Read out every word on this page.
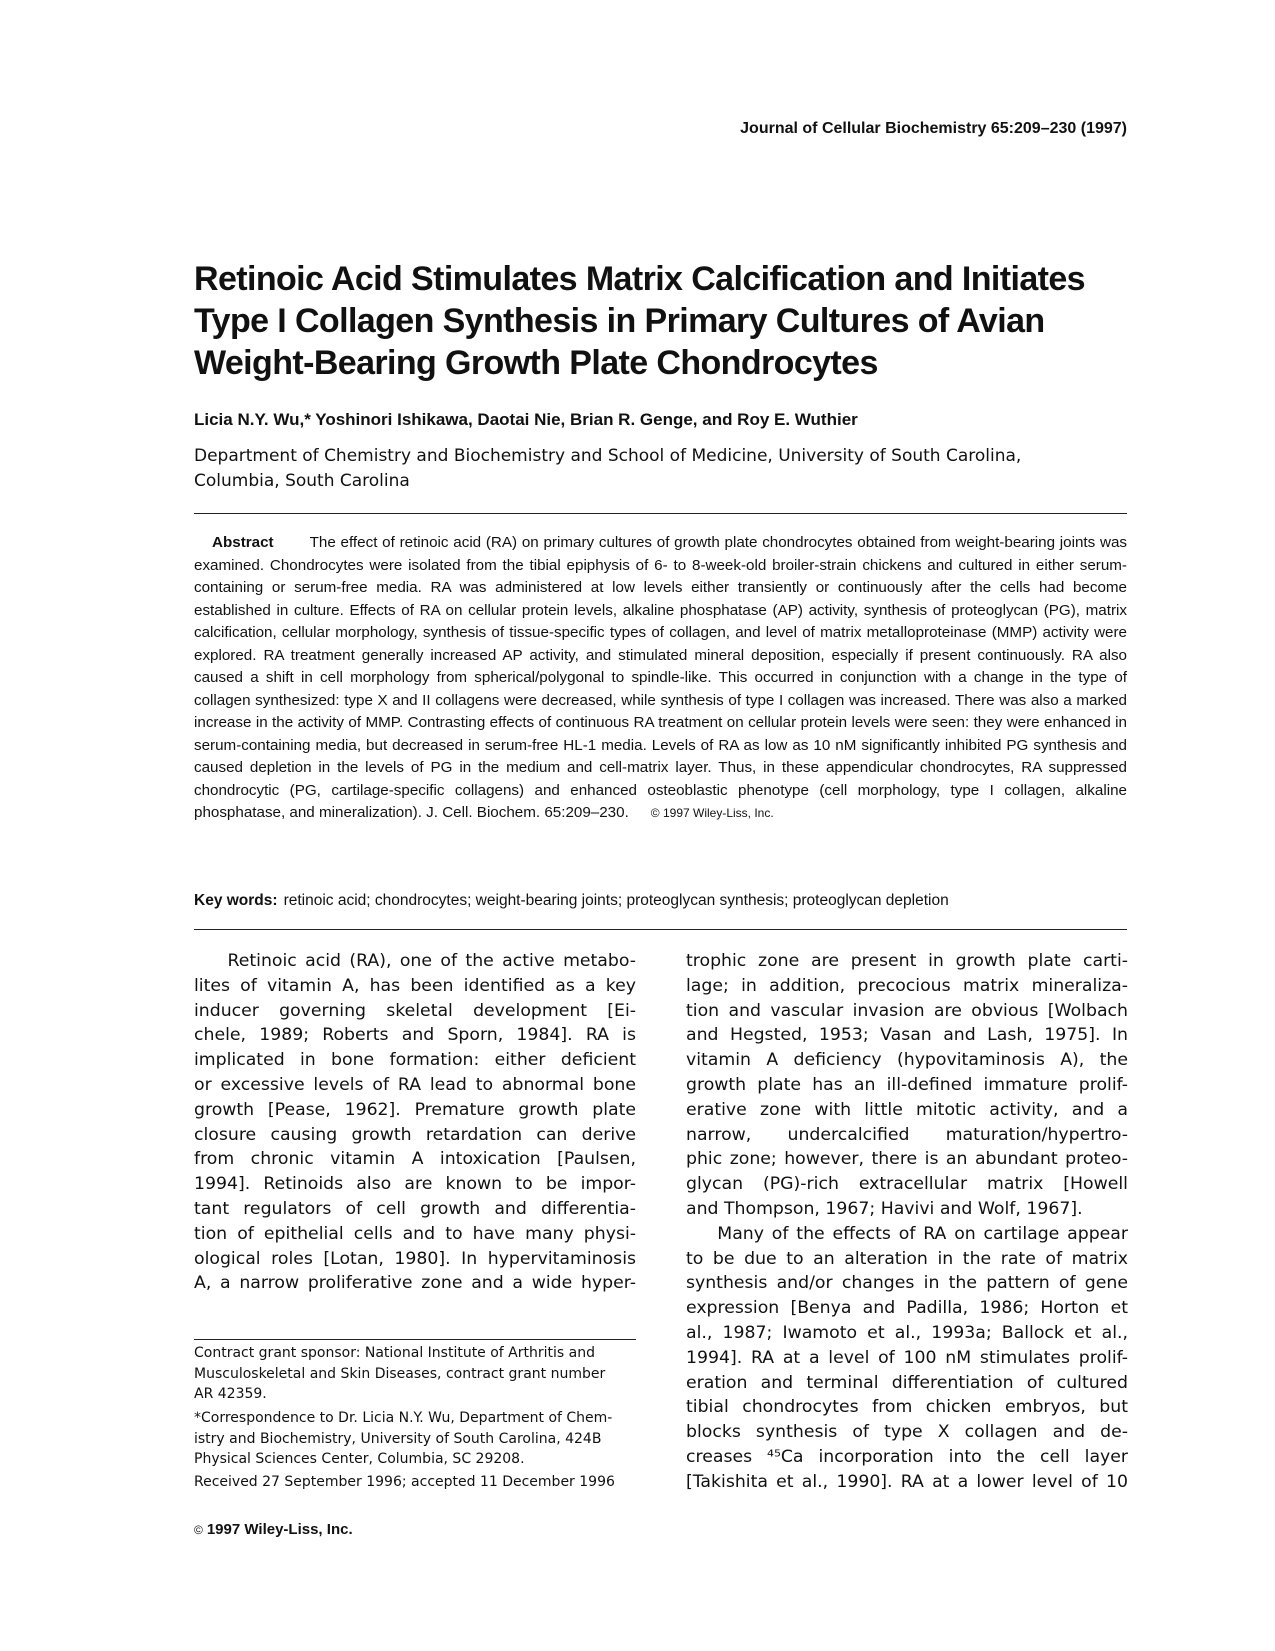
Journal of Cellular Biochemistry 65:209–230 (1997)
Retinoic Acid Stimulates Matrix Calcification and Initiates
Type I Collagen Synthesis in Primary Cultures of Avian
Weight-Bearing Growth Plate Chondrocytes
Licia N.Y. Wu,* Yoshinori Ishikawa, Daotai Nie, Brian R. Genge, and Roy E. Wuthier
Department of Chemistry and Biochemistry and School of Medicine, University of South Carolina,
Columbia, South Carolina
Abstract The effect of retinoic acid (RA) on primary cultures of growth plate chondrocytes obtained from weight-bearing joints was examined. Chondrocytes were isolated from the tibial epiphysis of 6- to 8-week-old broiler-strain chickens and cultured in either serum-containing or serum-free media. RA was administered at low levels either transiently or continuously after the cells had become established in culture. Effects of RA on cellular protein levels, alkaline phosphatase (AP) activity, synthesis of proteoglycan (PG), matrix calcification, cellular morphology, synthesis of tissue-specific types of collagen, and level of matrix metalloproteinase (MMP) activity were explored. RA treatment generally increased AP activity, and stimulated mineral deposition, especially if present continuously. RA also caused a shift in cell morphology from spherical/polygonal to spindle-like. This occurred in conjunction with a change in the type of collagen synthesized: type X and II collagens were decreased, while synthesis of type I collagen was increased. There was also a marked increase in the activity of MMP. Contrasting effects of continuous RA treatment on cellular protein levels were seen: they were enhanced in serum-containing media, but decreased in serum-free HL-1 media. Levels of RA as low as 10 nM significantly inhibited PG synthesis and caused depletion in the levels of PG in the medium and cell-matrix layer. Thus, in these appendicular chondrocytes, RA suppressed chondrocytic (PG, cartilage-specific collagens) and enhanced osteoblastic phenotype (cell morphology, type I collagen, alkaline phosphatase, and mineralization). J. Cell. Biochem. 65:209–230. © 1997 Wiley-Liss, Inc.
Key words: retinoic acid; chondrocytes; weight-bearing joints; proteoglycan synthesis; proteoglycan depletion
Retinoic acid (RA), one of the active metabo-
lites of vitamin A, has been identified as a key
inducer governing skeletal development [Ei-
chele, 1989; Roberts and Sporn, 1984]. RA is
implicated in bone formation: either deficient
or excessive levels of RA lead to abnormal bone
growth [Pease, 1962]. Premature growth plate
closure causing growth retardation can derive
from chronic vitamin A intoxication [Paulsen,
1994]. Retinoids also are known to be impor-
tant regulators of cell growth and differentia-
tion of epithelial cells and to have many physi-
ological roles [Lotan, 1980]. In hypervitaminosis
A, a narrow proliferative zone and a wide hyper-
Contract grant sponsor: National Institute of Arthritis and
Musculoskeletal and Skin Diseases, contract grant number
AR 42359.
*Correspondence to Dr. Licia N.Y. Wu, Department of Chem-
istry and Biochemistry, University of South Carolina, 424B
Physical Sciences Center, Columbia, SC 29208.
Received 27 September 1996; accepted 11 December 1996
trophic zone are present in growth plate carti-
lage; in addition, precocious matrix mineraliza-
tion and vascular invasion are obvious [Wolbach
and Hegsted, 1953; Vasan and Lash, 1975]. In
vitamin A deficiency (hypovitaminosis A), the
growth plate has an ill-defined immature prolif-
erative zone with little mitotic activity, and a
narrow, undercalcified maturation/hypertro-
phic zone; however, there is an abundant proteo-
glycan (PG)-rich extracellular matrix [Howell
and Thompson, 1967; Havivi and Wolf, 1967].
Many of the effects of RA on cartilage appear
to be due to an alteration in the rate of matrix
synthesis and/or changes in the pattern of gene
expression [Benya and Padilla, 1986; Horton et
al., 1987; Iwamoto et al., 1993a; Ballock et al.,
1994]. RA at a level of 100 nM stimulates prolif-
eration and terminal differentiation of cultured
tibial chondrocytes from chicken embryos, but
blocks synthesis of type X collagen and de-
creases ⁴⁵Ca incorporation into the cell layer
[Takishita et al., 1990]. RA at a lower level of 10
© 1997 Wiley-Liss, Inc.
